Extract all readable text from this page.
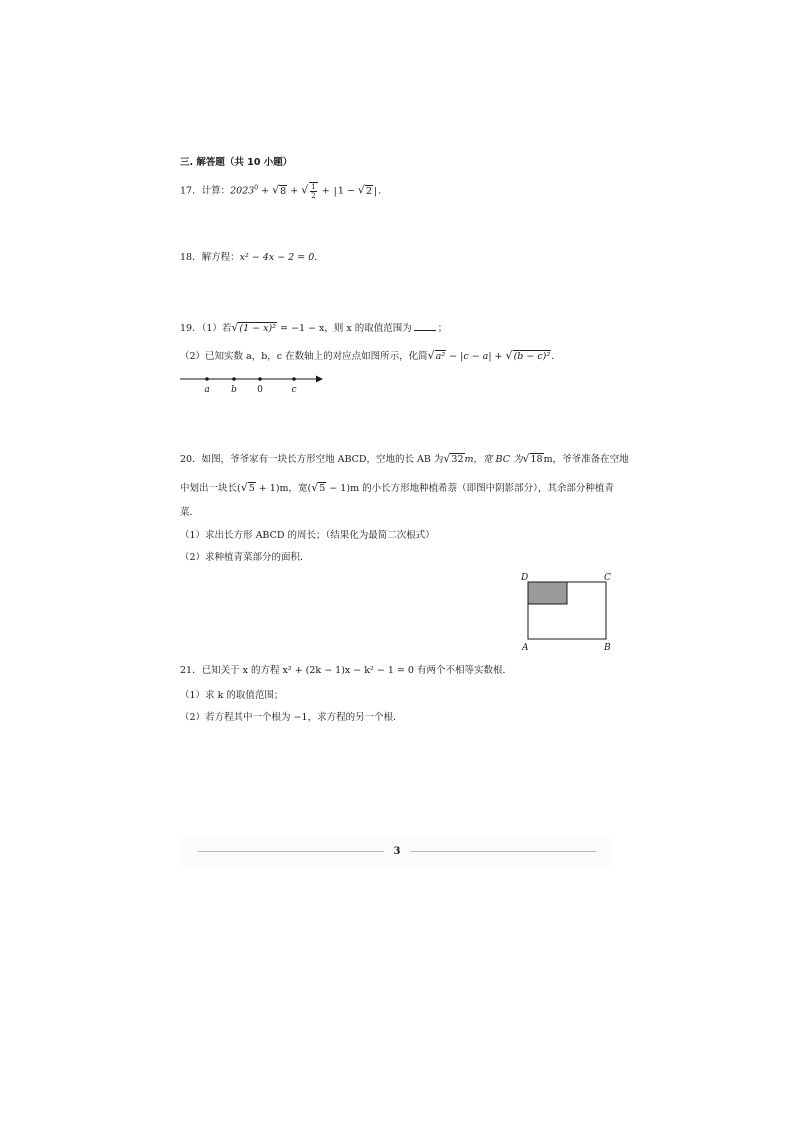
三. 解答题（共 10 小题）
17．计算：$2023^0 + √8$ + √ $\frac{1}{2} + |1 - √2$ |．
18．解方程：x² − 4x − 2 = 0．
19．（1）若√(1 − x)² = −1 − x，则 x 的取值范围为	；
（2）已知实数 a，b，c 在数轴上的对应点如图所示，化简√a² − |c − a| + √(b − c)²．
a b 0	c
20．如图，爷爷家有一块长方形空地 ABCD，空地的长 AB 为√32m，宽 BC 为√18m，爷爷准备在空地
中划出一块长(√5 + 1)m，宽(√5 − 1)m 的小长方形地种植希萘（即图中阴影部分），其余部分种植青
菜．
（1）求出长方形 ABCD 的周长；（结果化为最简二次根式）
（2）求种植青菜部分的面积．
D	C
A	B
21．已知关于 x 的方程 x² + (2k − 1)x − k² − 1 = 0 有两个不相等实数根．
（1）求 k 的取值范围；
（2）若方程其中一个根为 −1，求方程的另一个根．
3
